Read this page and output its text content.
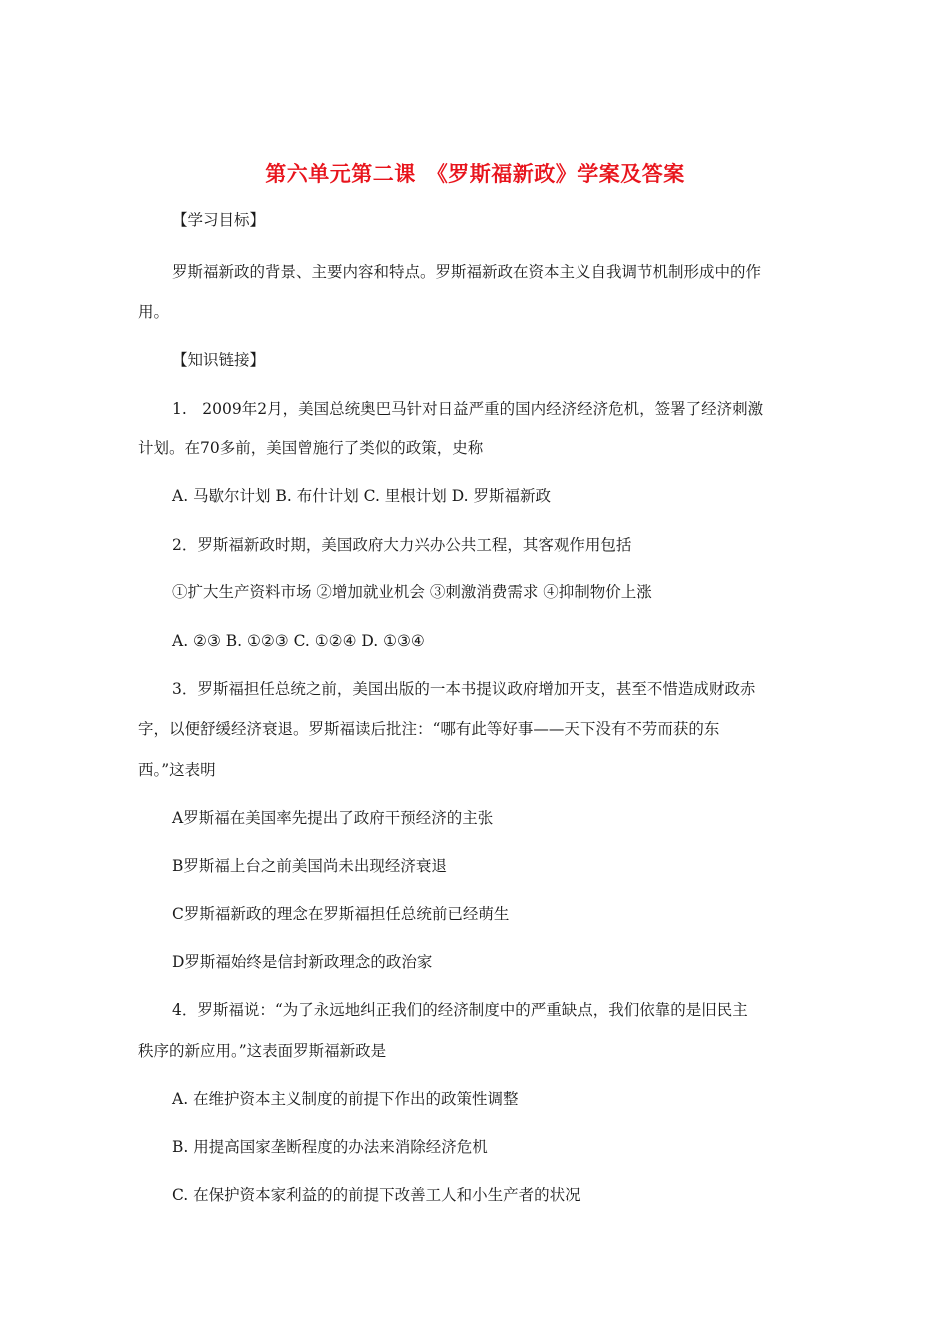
第六单元第二课　《罗斯福新政》学案及答案
【学习目标】
罗斯福新政的背景、主要内容和特点。罗斯福新政在资本主义自我调节机制形成中的作
用。
【知识链接】
1.　2009年2月，美国总统奥巴马针对日益严重的国内经济经济危机，签署了经济刺激
计划。在70多前，美国曾施行了类似的政策，史称
A. 马歇尔计划 B. 布什计划 C. 里根计划 D. 罗斯福新政
2．罗斯福新政时期，美国政府大力兴办公共工程，其客观作用包括
①扩大生产资料市场 ②增加就业机会 ③刺激消费需求 ④抑制物价上涨
A. ②③ B. ①②③ C. ①②④ D. ①③④
3．罗斯福担任总统之前，美国出版的一本书提议政府增加开支，甚至不惜造成财政赤
字，以便舒缓经济衰退。罗斯福读后批注：“哪有此等好事——天下没有不劳而获的东
西。”这表明
A罗斯福在美国率先提出了政府干预经济的主张
B罗斯福上台之前美国尚未出现经济衰退
C罗斯福新政的理念在罗斯福担任总统前已经萌生
D罗斯福始终是信封新政理念的政治家
4．罗斯福说：“为了永远地纠正我们的经济制度中的严重缺点，我们依靠的是旧民主
秩序的新应用。”这表面罗斯福新政是
A. 在维护资本主义制度的前提下作出的政策性调整
B. 用提高国家垄断程度的办法来消除经济危机
C. 在保护资本家利益的的前提下改善工人和小生产者的状况
